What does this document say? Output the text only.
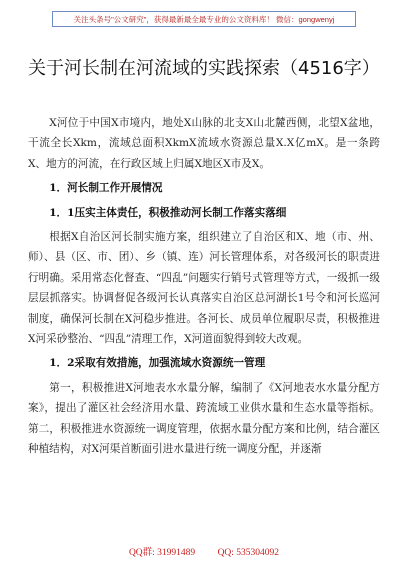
关注头条号"公文研究"，获得最新最全最专业的公文资料库！ 微信：gongwenyj
关于河长制在河流域的实践探索（4516字）

X河位于中国X市境内，地处X山脉的北支X山北麓西侧，北望X盆地，干流全长Xkm，流域总面积XkmX流域水资源总量X.X亿mX。是一条跨X、地方的河流，在行政区域上归属X地区X市及X。

1．河长制工作开展情况

1．1压实主体责任，积极推动河长制工作落实落细

根据X自治区河长制实施方案，组织建立了自治区和X、地（市、州、师）、县（区、市、团）、乡（镇、连）河长管理体系，对各级河长的职责进行明确。采用常态化督查、“四乱”问题实行销号式管理等方式，一级抓一级层层抓落实。协调督促各级河长认真落实自治区总河湖长1号令和河长巡河制度，确保河长制在X河稳步推进。各河长、成员单位履职尽责，积极推进X河采砂整治、“四乱”清理工作，X河道面貌得到较大改观。

1．2采取有效措施，加强流域水资源统一管理

第一，积极推进X河地表水水量分解，编制了《X河地表水水量分配方案》，提出了灌区社会经济用水量、跨流域工业供水量和生态水量等指标。第二，积极推进水资源统一调度管理，依据水量分配方案和比例，结合灌区种植结构，对X河渠首断面引进水量进行统一调度分配，并逐渐

QQ群: 31991489 QQ: 535304092
